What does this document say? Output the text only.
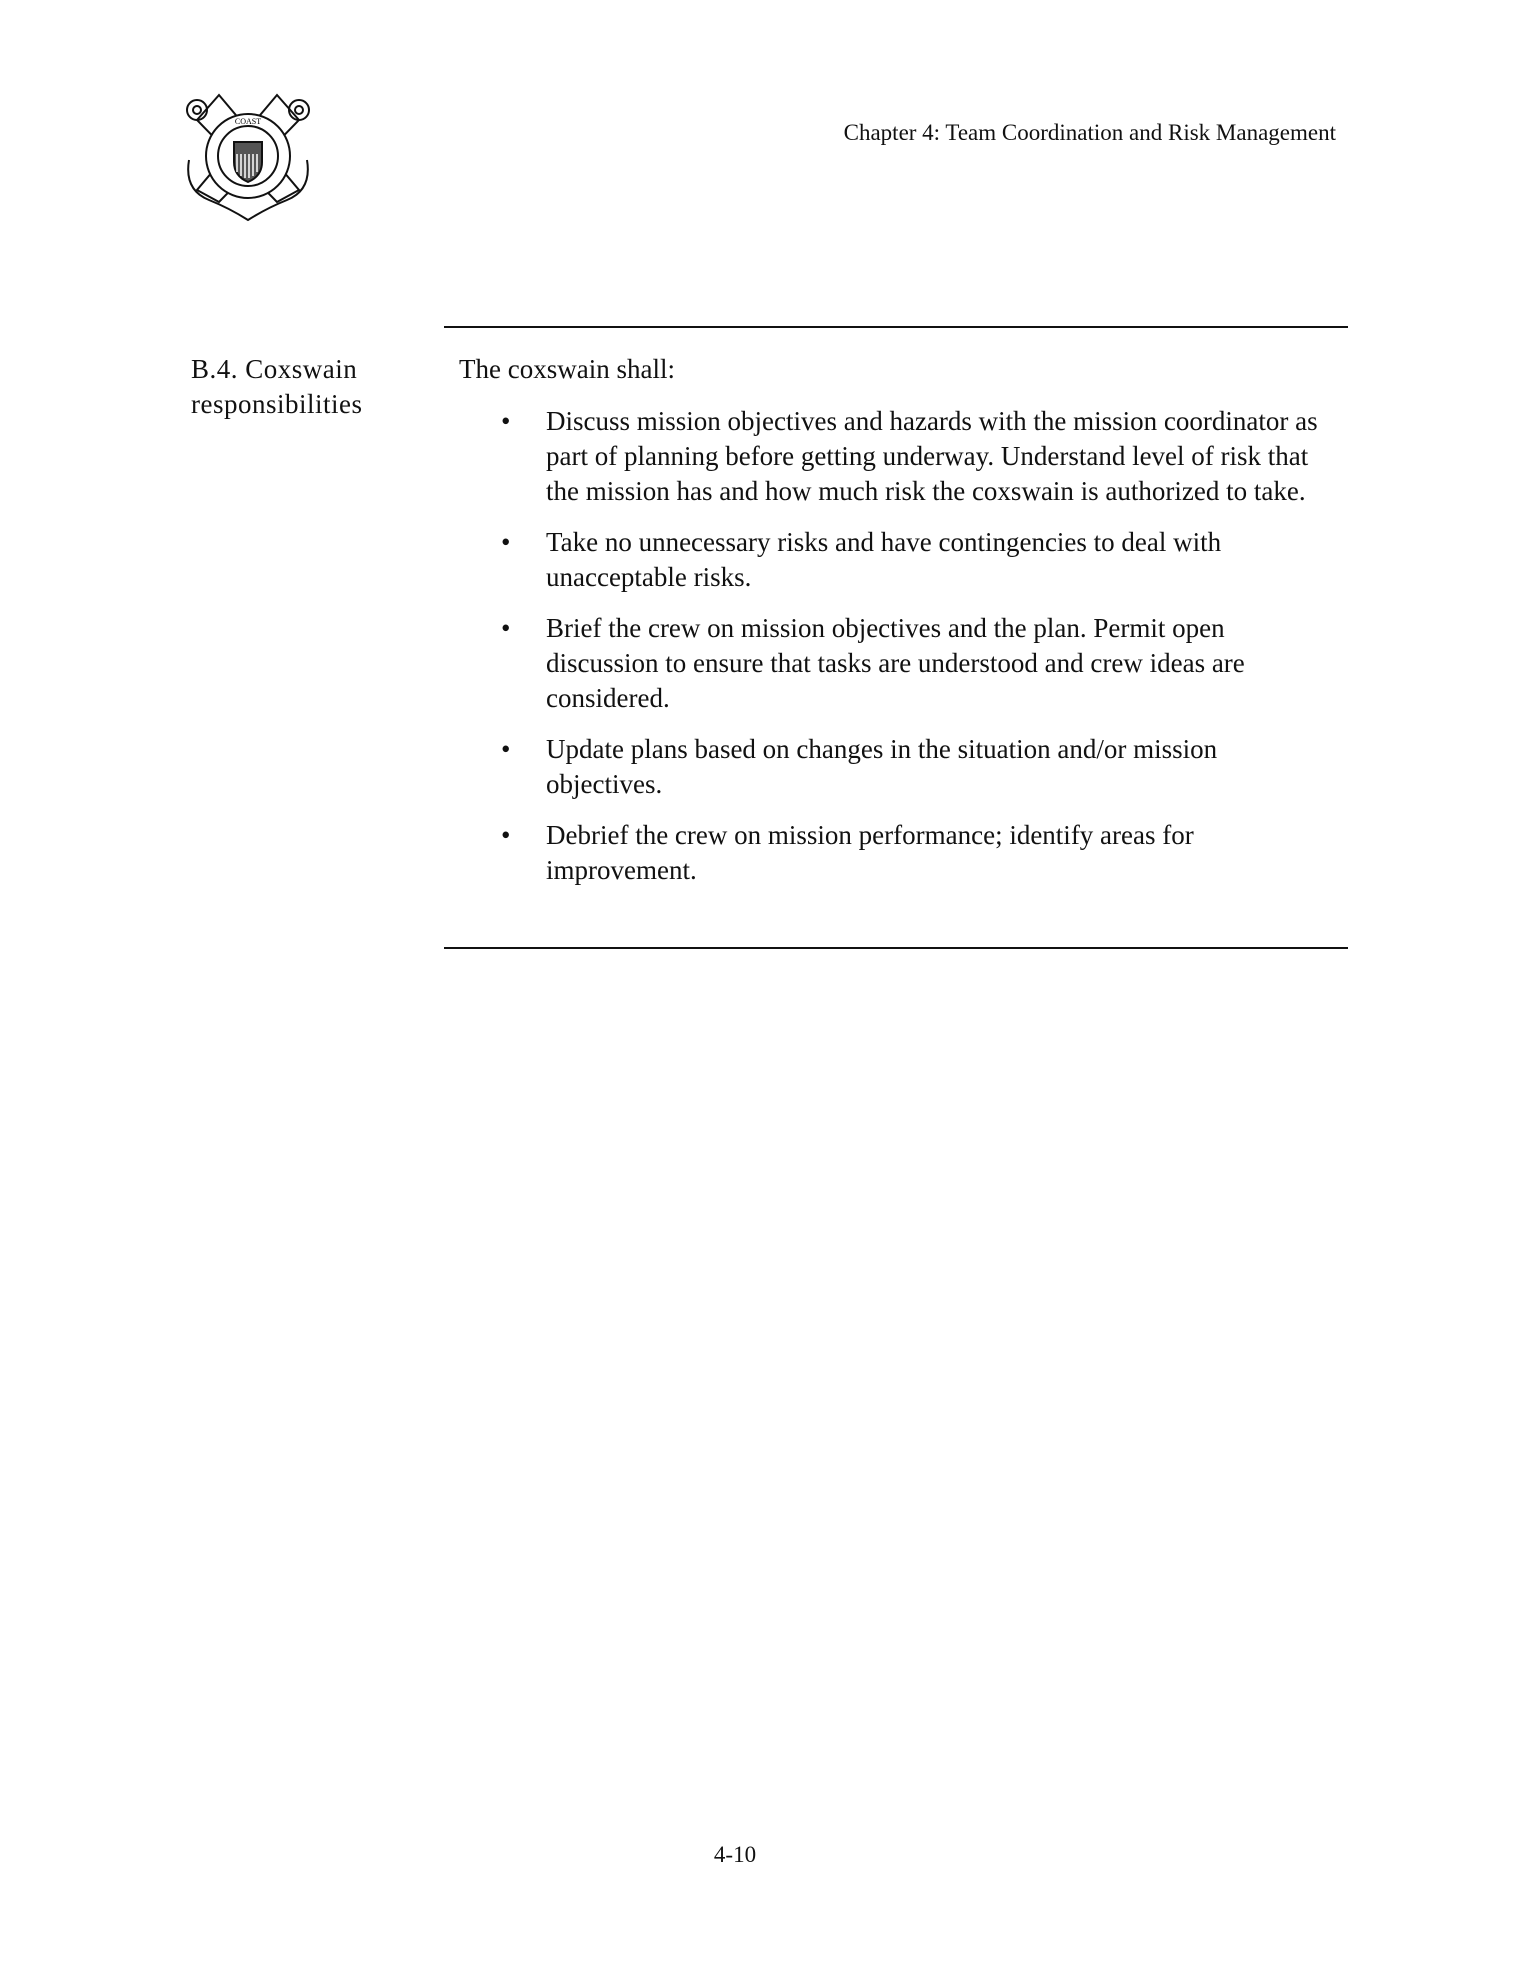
COAST	Chapter 4: Team Coordination and Risk Management
B.4. Coxswain
responsibilities

The coxswain shall:

• Discuss mission objectives and hazards with the mission coordinator as part of planning before getting underway. Understand level of risk that the mission has and how much risk the coxswain is authorized to take.
• Take no unnecessary risks and have contingencies to deal with unacceptable risks.
• Brief the crew on mission objectives and the plan. Permit open discussion to ensure that tasks are understood and crew ideas are considered.
• Update plans based on changes in the situation and/or mission objectives.
• Debrief the crew on mission performance; identify areas for improvement.
4-10
